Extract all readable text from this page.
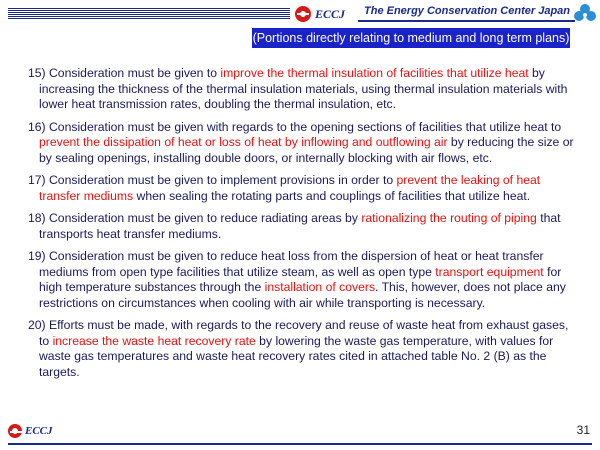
ECCJ The Energy Conservation Center Japan
(Portions directly relating to medium and long term plans)

15) Consideration must be given to improve the thermal insulation of facilities that utilize heat by increasing the thickness of the thermal insulation materials, using thermal insulation materials with lower heat transmission rates, doubling the thermal insulation, etc.

16) Consideration must be given with regards to the opening sections of facilities that utilize heat to prevent the dissipation of heat or loss of heat by inflowing and outflowing air by reducing the size or by sealing openings, installing double doors, or internally blocking with air flows, etc.

17) Consideration must be given to implement provisions in order to prevent the leaking of heat transfer mediums when sealing the rotating parts and couplings of facilities that utilize heat.

18) Consideration must be given to reduce radiating areas by rationalizing the routing of piping that transports heat transfer mediums.

19) Consideration must be given to reduce heat loss from the dispersion of heat or heat transfer mediums from open type facilities that utilize steam, as well as open type transport equipment for high temperature substances through the installation of covers. This, however, does not place any restrictions on circumstances when cooling with air while transporting is necessary.

20) Efforts must be made, with regards to the recovery and reuse of waste heat from exhaust gases, to increase the waste heat recovery rate by lowering the waste gas temperature, with values for waste gas temperatures and waste heat recovery rates cited in attached table No. 2 (B) as the targets.

ECCJ	31
